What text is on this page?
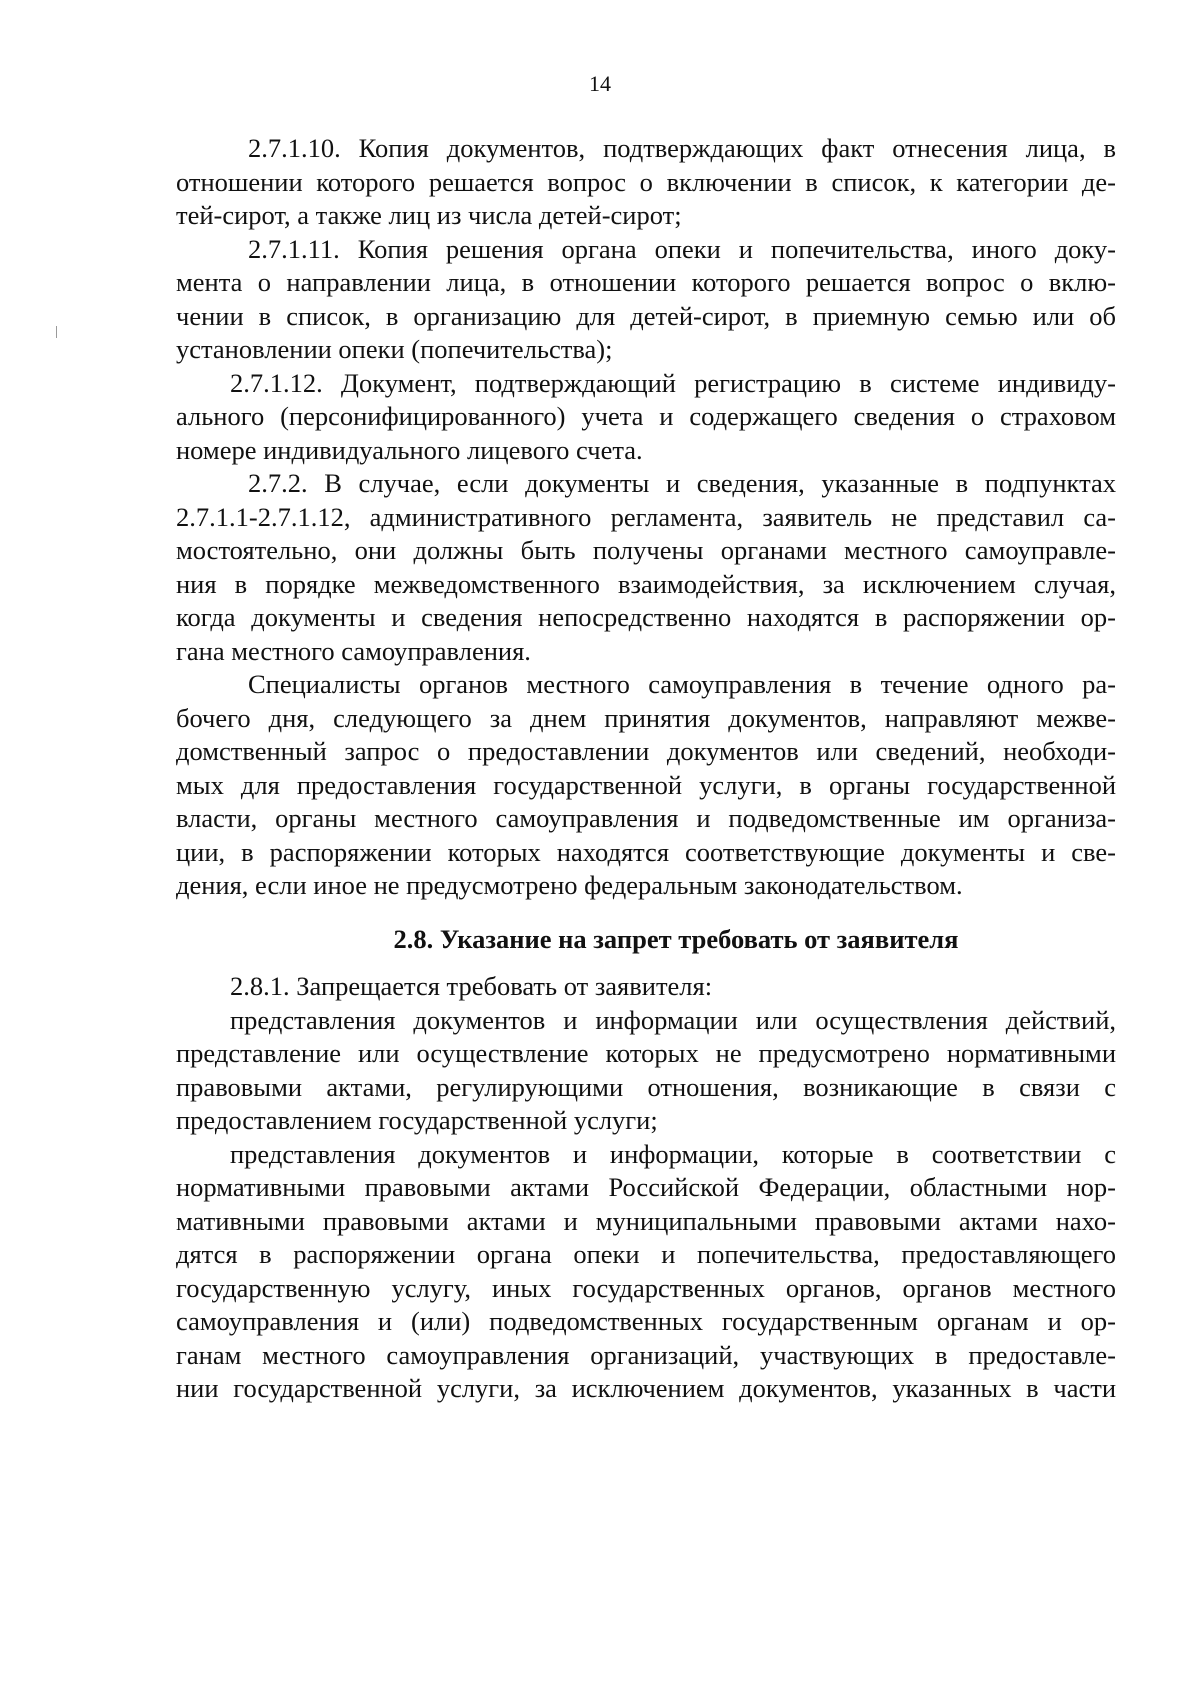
14
2.7.1.10. Копия документов, подтверждающих факт отнесения лица, в
отношении которого решается вопрос о включении в список, к категории де-
тей-сирот, а также лиц из числа детей-сирот;
2.7.1.11. Копия решения органа опеки и попечительства, иного доку-
мента о направлении лица, в отношении которого решается вопрос о вклю-
чении в список, в организацию для детей-сирот, в приемную семью или об
установлении опеки (попечительства);
2.7.1.12. Документ, подтверждающий регистрацию в системе индивиду-
ального (персонифицированного) учета и содержащего сведения о страховом
номере индивидуального лицевого счета.
2.7.2. В случае, если документы и сведения, указанные в подпунктах
2.7.1.1-2.7.1.12, административного регламента, заявитель не представил са-
мостоятельно, они должны быть получены органами местного самоуправле-
ния в порядке межведомственного взаимодействия, за исключением случая,
когда документы и сведения непосредственно находятся в распоряжении ор-
гана местного самоуправления.
Специалисты органов местного самоуправления в течение одного ра-
бочего дня, следующего за днем принятия документов, направляют межве-
домственный запрос о предоставлении документов или сведений, необходи-
мых для предоставления государственной услуги, в органы государственной
власти, органы местного самоуправления и подведомственные им организа-
ции, в распоряжении которых находятся соответствующие документы и све-
дения, если иное не предусмотрено федеральным законодательством.
2.8. Указание на запрет требовать от заявителя
2.8.1. Запрещается требовать от заявителя:
представления документов и информации или осуществления действий,
представление или осуществление которых не предусмотрено нормативными
правовыми актами, регулирующими отношения, возникающие в связи с
предоставлением государственной услуги;
представления документов и информации, которые в соответствии с
нормативными правовыми актами Российской Федерации, областными нор-
мативными правовыми актами и муниципальными правовыми актами нахо-
дятся в распоряжении органа опеки и попечительства, предоставляющего
государственную услугу, иных государственных органов, органов местного
самоуправления и (или) подведомственных государственным органам и ор-
ганам местного самоуправления организаций, участвующих в предоставле-
нии государственной услуги, за исключением документов, указанных в части
